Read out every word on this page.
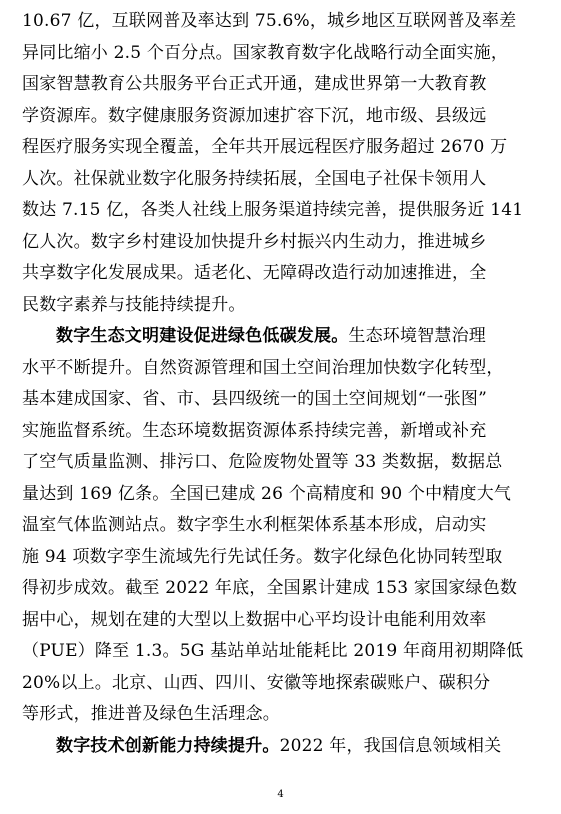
10.67 亿，互联网普及率达到 75.6%，城乡地区互联网普及率差
异同比缩小 2.5 个百分点。国家教育数字化战略行动全面实施，
国家智慧教育公共服务平台正式开通，建成世界第一大教育教
学资源库。数字健康服务资源加速扩容下沉，地市级、县级远
程医疗服务实现全覆盖，全年共开展远程医疗服务超过 2670 万
人次。社保就业数字化服务持续拓展，全国电子社保卡领用人
数达 7.15 亿，各类人社线上服务渠道持续完善，提供服务近 141
亿人次。数字乡村建设加快提升乡村振兴内生动力，推进城乡
共享数字化发展成果。适老化、无障碍改造行动加速推进，全
民数字素养与技能持续提升。
数字生态文明建设促进绿色低碳发展。生态环境智慧治理
水平不断提升。自然资源管理和国土空间治理加快数字化转型，
基本建成国家、省、市、县四级统一的国土空间规划“一张图”
实施监督系统。生态环境数据资源体系持续完善，新增或补充
了空气质量监测、排污口、危险废物处置等 33 类数据，数据总
量达到 169 亿条。全国已建成 26 个高精度和 90 个中精度大气
温室气体监测站点。数字孪生水利框架体系基本形成，启动实
施 94 项数字孪生流域先行先试任务。数字化绿色化协同转型取
得初步成效。截至 2022 年底，全国累计建成 153 家国家绿色数
据中心，规划在建的大型以上数据中心平均设计电能利用效率
（PUE）降至 1.3。5G 基站单站址能耗比 2019 年商用初期降低
20%以上。北京、山西、四川、安徽等地探索碳账户、碳积分
等形式，推进普及绿色生活理念。
数字技术创新能力持续提升。2022 年，我国信息领域相关
4
